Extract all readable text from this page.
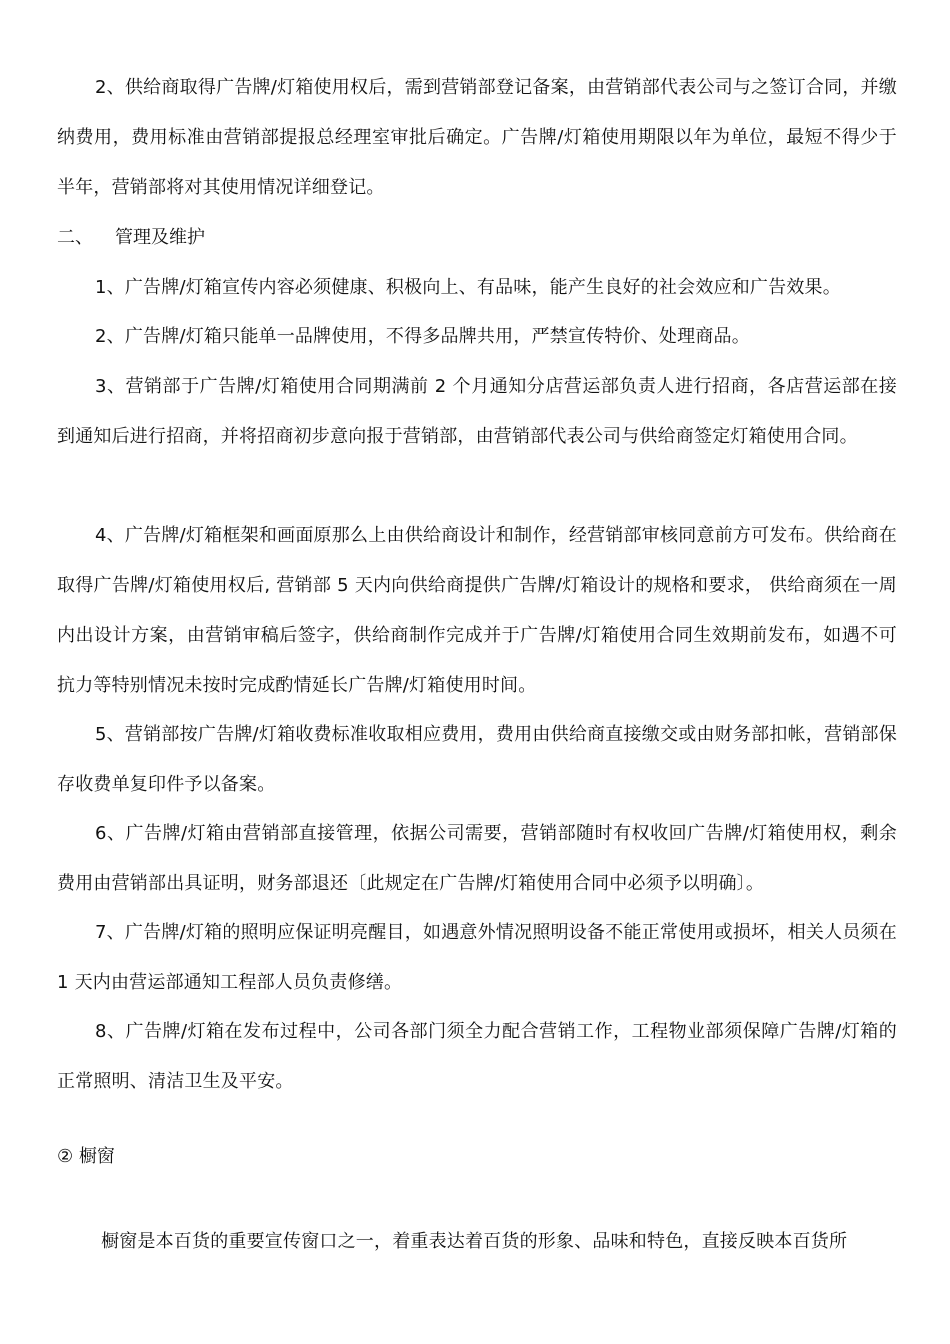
2、供给商取得广告牌/灯箱使用权后，需到营销部登记备案，由营销部代表公司与之签订合同，并缴纳费用，费用标准由营销部提报总经理室审批后确定。广告牌/灯箱使用期限以年为单位，最短不得少于半年，营销部将对其使用情况详细登记。

二、 管理及维护

1、广告牌/灯箱宣传内容必须健康、积极向上、有品味，能产生良好的社会效应和广告效果。

2、广告牌/灯箱只能单一品牌使用，不得多品牌共用，严禁宣传特价、处理商品。

3、营销部于广告牌/灯箱使用合同期满前 2 个月通知分店营运部负责人进行招商，各店营运部在接到通知后进行招商，并将招商初步意向报于营销部，由营销部代表公司与供给商签定灯箱使用合同。

4、广告牌/灯箱框架和画面原那么上由供给商设计和制作，经营销部审核同意前方可发布。供给商在取得广告牌/灯箱使用权后, 营销部 5 天内向供给商提供广告牌/灯箱设计的规格和要求， 供给商须在一周内出设计方案，由营销审稿后签字，供给商制作完成并于广告牌/灯箱使用合同生效期前发布，如遇不可抗力等特别情况未按时完成酌情延长广告牌/灯箱使用时间。

5、营销部按广告牌/灯箱收费标准收取相应费用，费用由供给商直接缴交或由财务部扣帐，营销部保存收费单复印件予以备案。

6、广告牌/灯箱由营销部直接管理，依据公司需要，营销部随时有权收回广告牌/灯箱使用权，剩余费用由营销部出具证明，财务部退还〔此规定在广告牌/灯箱使用合同中必须予以明确〕。

7、广告牌/灯箱的照明应保证明亮醒目，如遇意外情况照明设备不能正常使用或损坏，相关人员须在 1 天内由营运部通知工程部人员负责修缮。

8、广告牌/灯箱在发布过程中，公司各部门须全力配合营销工作，工程物业部须保障广告牌/灯箱的正常照明、清洁卫生及平安。

② 橱窗

橱窗是本百货的重要宣传窗口之一，着重表达着百货的形象、品味和特色，直接反映本百货所
